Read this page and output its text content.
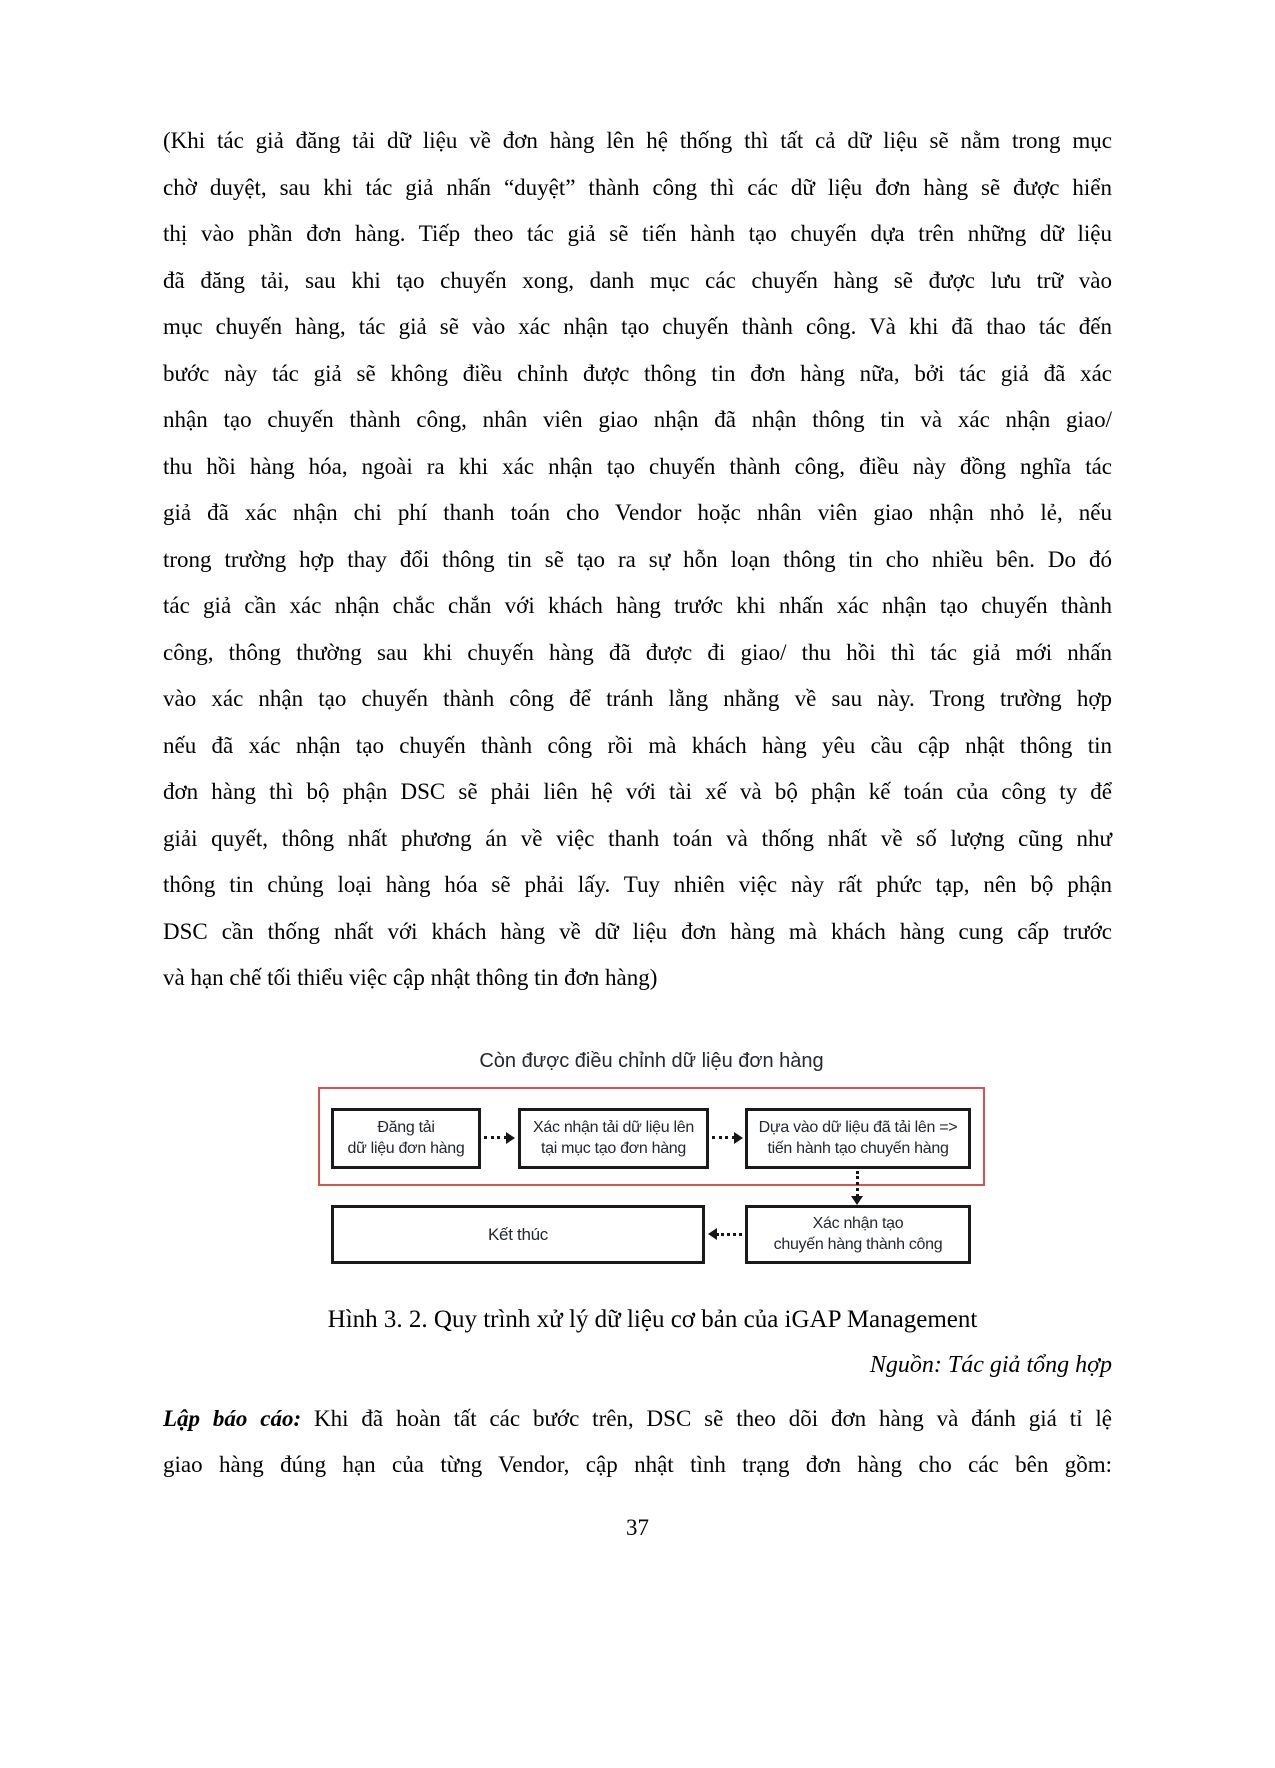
(Khi tác giả đăng tải dữ liệu về đơn hàng lên hệ thống thì tất cả dữ liệu sẽ nằm trong mục
chờ duyệt, sau khi tác giả nhấn “duyệt” thành công thì các dữ liệu đơn hàng sẽ được hiển
thị vào phần đơn hàng. Tiếp theo tác giả sẽ tiến hành tạo chuyến dựa trên những dữ liệu
đã đăng tải, sau khi tạo chuyến xong, danh mục các chuyến hàng sẽ được lưu trữ vào
mục chuyến hàng, tác giả sẽ vào xác nhận tạo chuyến thành công. Và khi đã thao tác đến
bước này tác giả sẽ không điều chỉnh được thông tin đơn hàng nữa, bởi tác giả đã xác
nhận tạo chuyến thành công, nhân viên giao nhận đã nhận thông tin và xác nhận giao/
thu hồi hàng hóa, ngoài ra khi xác nhận tạo chuyến thành công, điều này đồng nghĩa tác
giả đã xác nhận chi phí thanh toán cho Vendor hoặc nhân viên giao nhận nhỏ lẻ, nếu
trong trường hợp thay đổi thông tin sẽ tạo ra sự hỗn loạn thông tin cho nhiều bên. Do đó
tác giả cần xác nhận chắc chắn với khách hàng trước khi nhấn xác nhận tạo chuyến thành
công, thông thường sau khi chuyến hàng đã được đi giao/ thu hồi thì tác giả mới nhấn
vào xác nhận tạo chuyến thành công để tránh lằng nhằng về sau này. Trong trường hợp
nếu đã xác nhận tạo chuyến thành công rồi mà khách hàng yêu cầu cập nhật thông tin
đơn hàng thì bộ phận DSC sẽ phải liên hệ với tài xế và bộ phận kế toán của công ty để
giải quyết, thông nhất phương án về việc thanh toán và thống nhất về số lượng cũng như
thông tin chủng loại hàng hóa sẽ phải lấy. Tuy nhiên việc này rất phức tạp, nên bộ phận
DSC cần thống nhất với khách hàng về dữ liệu đơn hàng mà khách hàng cung cấp trước
và hạn chế tối thiểu việc cập nhật thông tin đơn hàng)
Còn được điều chỉnh dữ liệu đơn hàng
Đăng tải
dữ liệu đơn hàng
Xác nhận tải dữ liệu lên
tại mục tạo đơn hàng
Dựa vào dữ liệu đã tải lên =>
tiến hành tạo chuyến hàng
Kết thúc
Xác nhận tạo
chuyến hàng thành công
Hình 3. 2. Quy trình xử lý dữ liệu cơ bản của iGAP Management
Nguồn: Tác giả tổng hợp
Lập báo cáo: Khi đã hoàn tất các bước trên, DSC sẽ theo dõi đơn hàng và đánh giá tỉ lệ
giao hàng đúng hạn của từng Vendor, cập nhật tình trạng đơn hàng cho các bên gồm:
37
